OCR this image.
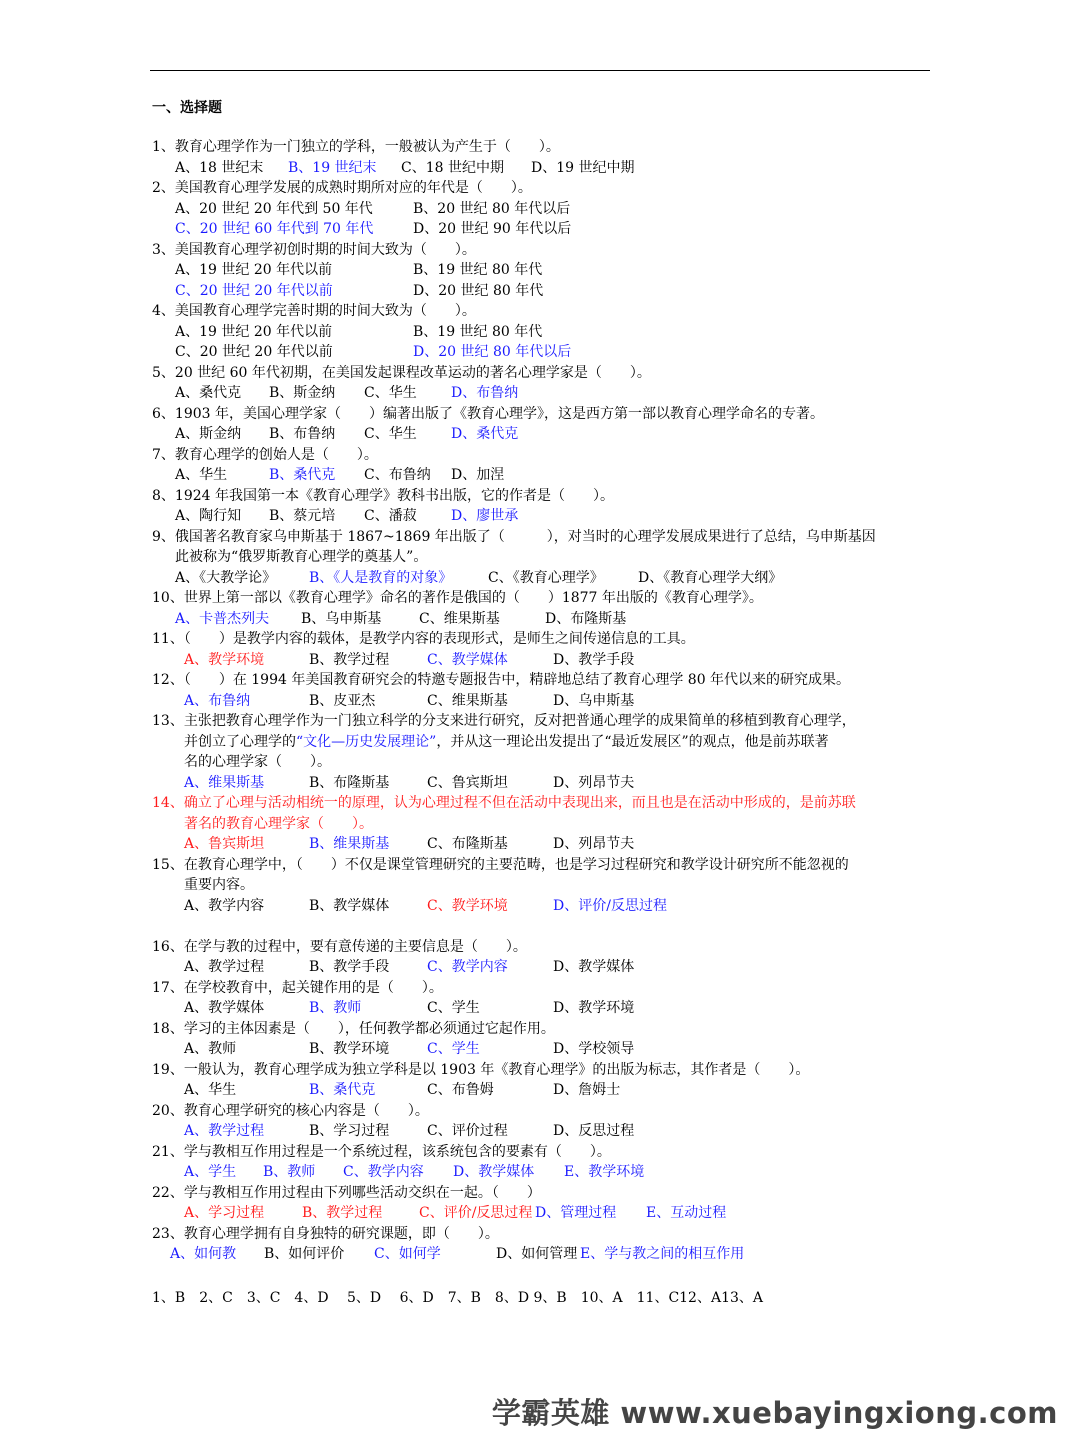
一、选择题
1、教育心理学作为一门独立的学科，一般被认为产生于（　　）。
A、18 世纪末 B、19 世纪末 C、18 世纪中期 D、19 世纪中期
2、美国教育心理学发展的成熟时期所对应的年代是（　　）。
A、20 世纪 20 年代到 50 年代	B、20 世纪 80 年代以后
C、20 世纪 60 年代到 70 年代	D、20 世纪 90 年代以后
3、美国教育心理学初创时期的时间大致为（　　）。
A、19 世纪 20 年代以前	B、19 世纪 80 年代
C、20 世纪 20 年代以前	D、20 世纪 80 年代
4、美国教育心理学完善时期的时间大致为（　　）。
A、19 世纪 20 年代以前	B、19 世纪 80 年代
C、20 世纪 20 年代以前	D、20 世纪 80 年代以后
5、20 世纪 60 年代初期，在美国发起课程改革运动的著名心理学家是（　　）。
A、桑代克 B、斯金纳 C、华生 D、布鲁纳
6、1903 年，美国心理学家（　　）编著出版了《教育心理学》，这是西方第一部以教育心理学命名的专著。
A、斯金纳 B、布鲁纳 C、华生 D、桑代克
7、教育心理学的创始人是（　　）。
A、华生	B、桑代克 C、布鲁纳 D、加涅
8、1924 年我国第一本《教育心理学》教科书出版，它的作者是（　　）。
A、陶行知 B、蔡元培 C、潘菽 D、廖世承
9、俄国著名教育家乌申斯基于 1867~1869 年出版了（　　　），对当时的心理学发展成果进行了总结，乌申斯基因
此被称为“俄罗斯教育心理学的奠基人”。
A、《大教学论》 B、《人是教育的对象》	C、《教育心理学》 D、《教育心理学大纲》
10、世界上第一部以《教育心理学》命名的著作是俄国的（　　）1877 年出版的《教育心理学》。
A、卡普杰列夫 B、乌申斯基	C、维果斯基	D、布隆斯基
11、（　　）是教学内容的载体，是教学内容的表现形式，是师生之间传递信息的工具。
A、教学环境	B、教学过程	C、教学媒体	D、教学手段
12、（　　）在 1994 年美国教育研究会的特邀专题报告中，精辟地总结了教育心理学 80 年代以来的研究成果。
A、布鲁纳	B、皮亚杰	C、维果斯基	D、乌申斯基
13、主张把教育心理学作为一门独立科学的分支来进行研究，反对把普通心理学的成果简单的移植到教育心理学，
并创立了心理学的“文化—历史发展理论”，并从这一理论出发提出了“最近发展区”的观点，他是前苏联著
名的心理学家（　　）。
A、维果斯基	B、布隆斯基	C、鲁宾斯坦	D、列昂节夫
14、确立了心理与活动相统一的原理，认为心理过程不但在活动中表现出来，而且也是在活动中形成的，是前苏联
著名的教育心理学家（　　）。
A、鲁宾斯坦	B、维果斯基	C、布隆斯基	D、列昂节夫
15、在教育心理学中，（　　）不仅是课堂管理研究的主要范畴，也是学习过程研究和教学设计研究所不能忽视的
重要内容。
A、教学内容	B、教学媒体	C、教学环境	D、评价/反思过程
16、在学与教的过程中，要有意传递的主要信息是（　　）。
A、教学过程	B、教学手段	C、教学内容	D、教学媒体
17、在学校教育中，起关键作用的是（　　）。
A、教学媒体	B、教师	C、学生	D、教学环境
18、学习的主体因素是（　　），任何教学都必须通过它起作用。
A、教师	B、教学环境	C、学生	D、学校领导
19、一般认为，教育心理学成为独立学科是以 1903 年《教育心理学》的出版为标志，其作者是（　　）。
A、华生	B、桑代克	C、布鲁姆	D、詹姆士
20、教育心理学研究的核心内容是（　　）。
A、教学过程	B、学习过程	C、评价过程	D、反思过程
21、学与教相互作用过程是一个系统过程，该系统包含的要素有（　　）。
A、学生 B、教师 C、教学内容 D、教学媒体 E、教学环境
22、学与教相互作用过程由下列哪些活动交织在一起。（　　）
A、学习过程	B、教学过程	C、评价/反思过程 D、管理过程 E、互动过程
23、教育心理学拥有自身独特的研究课题，即（　　）。
A、如何教 B、如何评价 C、如何学	D、如何管理 E、学与教之间的相互作用
1、B　2、C　3、C　4、D　 5、D　 6、D　7、B　8、D 9、B　10、A　11、C12、A13、A
学霸英雄 www.xuebayingxiong.com
